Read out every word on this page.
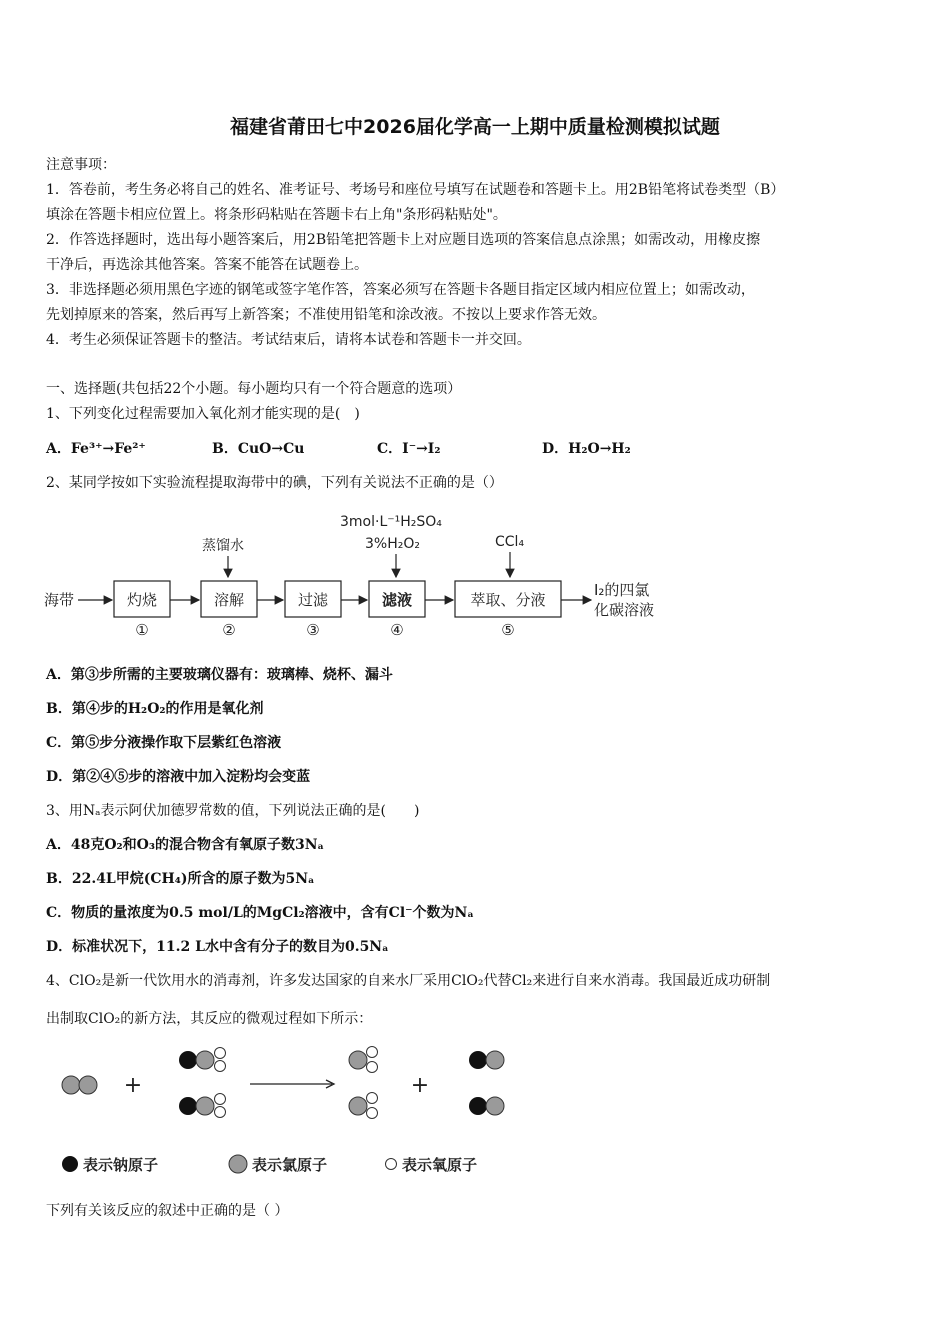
福建省莆田七中2026届化学高一上期中质量检测模拟试题
注意事项：
1．答卷前，考生务必将自己的姓名、准考证号、考场号和座位号填写在试题卷和答题卡上。用2B铅笔将试卷类型（B）
填涂在答题卡相应位置上。将条形码粘贴在答题卡右上角"条形码粘贴处"。
2．作答选择题时，选出每小题答案后，用2B铅笔把答题卡上对应题目选项的答案信息点涂黑；如需改动，用橡皮擦
干净后，再选涂其他答案。答案不能答在试题卷上。
3．非选择题必须用黑色字迹的钢笔或签字笔作答，答案必须写在答题卡各题目指定区域内相应位置上；如需改动，
先划掉原来的答案，然后再写上新答案；不准使用铅笔和涂改液。不按以上要求作答无效。
4．考生必须保证答题卡的整洁。考试结束后，请将本试卷和答题卡一并交回。
一、选择题(共包括22个小题。每小题均只有一个符合题意的选项）
1、下列变化过程需要加入氧化剂才能实现的是(　)
A．Fe³⁺→Fe²⁺	B．CuO→Cu	C．I⁻→I₂	D．H₂O→H₂
2、某同学按如下实验流程提取海带中的碘，下列有关说法不正确的是（）
3mol·L⁻¹H₂SO₄
3%H₂O₂
蒸馏水	CCl₄
海带	灼烧	溶解	过滤	滤液	萃取、分液
I₂的四氯
化碳溶液
①	②	③	④	⑤
A．第③步所需的主要玻璃仪器有：玻璃棒、烧杯、漏斗
B．第④步的H₂O₂的作用是氧化剂
C．第⑤步分液操作取下层紫红色溶液
D．第②④⑤步的溶液中加入淀粉均会变蓝
3、用Nₐ表示阿伏加德罗常数的值，下列说法正确的是(　　)
A．48克O₂和O₃的混合物含有氧原子数3Nₐ
B．22.4L甲烷(CH₄)所含的原子数为5Nₐ
C．物质的量浓度为0.5 mol/L的MgCl₂溶液中，含有Cl⁻个数为Nₐ
D．标准状况下，11.2 L水中含有分子的数目为0.5Nₐ
4、ClO₂是新一代饮用水的消毒剂，许多发达国家的自来水厂采用ClO₂代替Cl₂来进行自来水消毒。我国最近成功研制
出制取ClO₂的新方法，其反应的微观过程如下所示：
+	+
表示钠原子	表示氯原子	表示氧原子
下列有关该反应的叙述中正确的是（ ）
